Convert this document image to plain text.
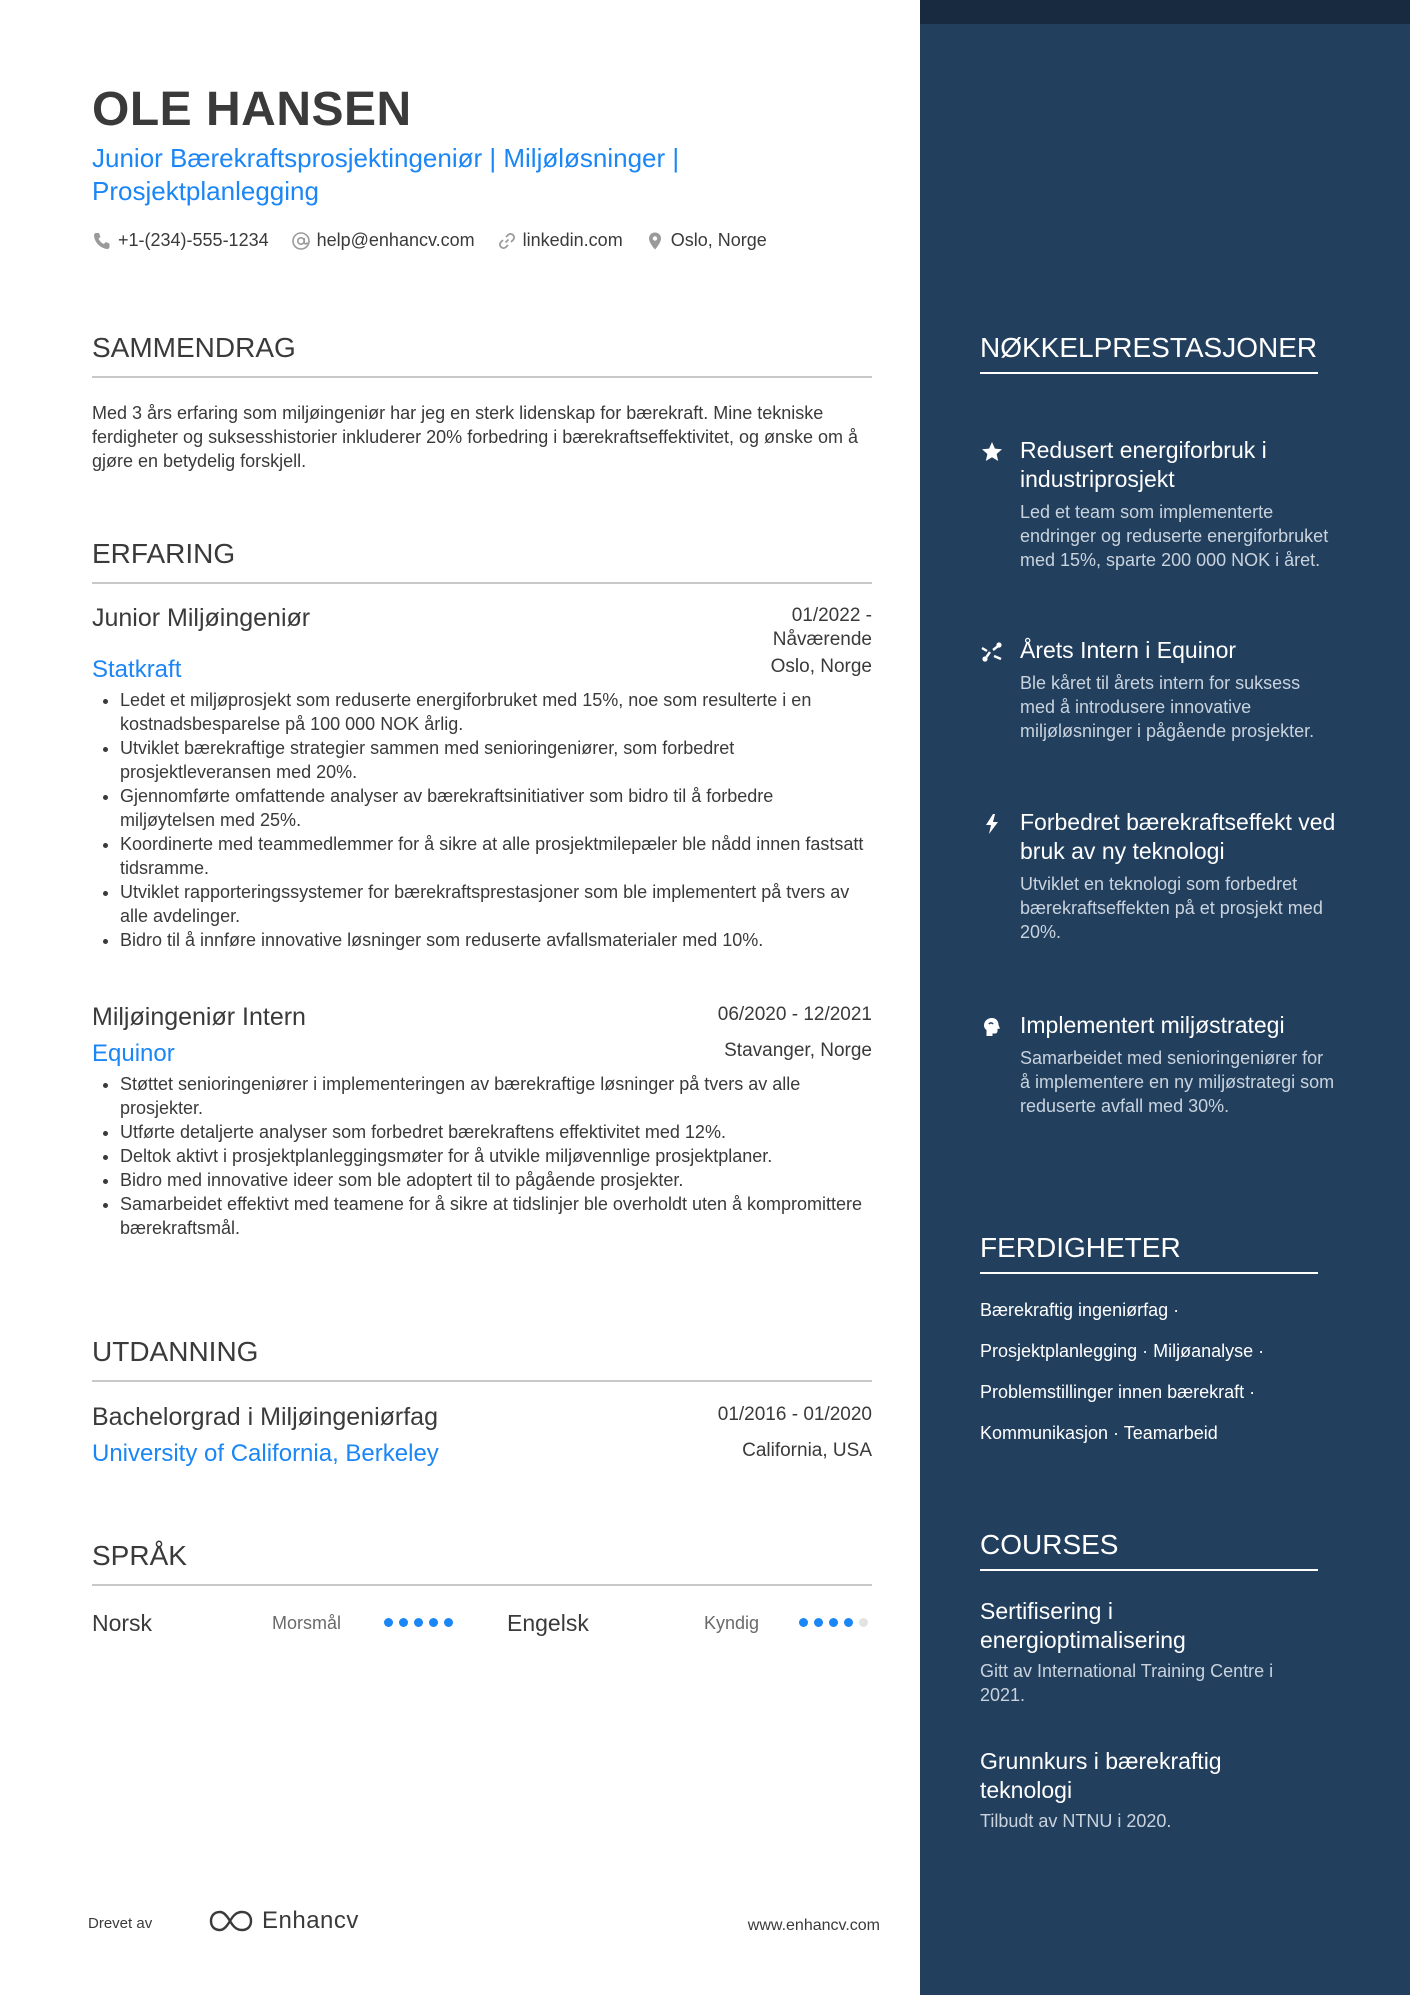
OLE HANSEN
Junior Bærekraftsprosjektingeniør | Miljøløsninger | Prosjektplanlegging
+1-(234)-555-1234	help@enhancv.com	linkedin.com	Oslo, Norge
SAMMENDRAG
Med 3 års erfaring som miljøingeniør har jeg en sterk lidenskap for bærekraft. Mine tekniske ferdigheter og suksesshistorier inkluderer 20% forbedring i bærekraftseffektivitet, og ønske om å gjøre en betydelig forskjell.
ERFARING
Junior Miljøingeniør	01/2022 -
Nåværende
Statkraft	Oslo, Norge
• Ledet et miljøprosjekt som reduserte energiforbruket med 15%, noe som resulterte i en kostnadsbesparelse på 100 000 NOK årlig.
• Utviklet bærekraftige strategier sammen med senioringeniører, som forbedret prosjektleveransen med 20%.
• Gjennomførte omfattende analyser av bærekraftsinitiativer som bidro til å forbedre miljøytelsen med 25%.
• Koordinerte med teammedlemmer for å sikre at alle prosjektmilepæler ble nådd innen fastsatt tidsramme.
• Utviklet rapporteringssystemer for bærekraftsprestasjoner som ble implementert på tvers av alle avdelinger.
• Bidro til å innføre innovative løsninger som reduserte avfallsmaterialer med 10%.
Miljøingeniør Intern	06/2020 - 12/2021
Equinor	Stavanger, Norge
• Støttet senioringeniører i implementeringen av bærekraftige løsninger på tvers av alle prosjekter.
• Utførte detaljerte analyser som forbedret bærekraftens effektivitet med 12%.
• Deltok aktivt i prosjektplanleggingsmøter for å utvikle miljøvennlige prosjektplaner.
• Bidro med innovative ideer som ble adoptert til to pågående prosjekter.
• Samarbeidet effektivt med teamene for å sikre at tidslinjer ble overholdt uten å kompromittere bærekraftsmål.
UTDANNING
Bachelorgrad i Miljøingeniørfag	01/2016 - 01/2020
University of California, Berkeley	California, USA
SPRÅK
Norsk	Morsmål	Engelsk	Kyndig
Drevet av	Enhancv	www.enhancv.com
NØKKELPRESTASJONER
Redusert energiforbruk i industriprosjekt
Led et team som implementerte endringer og reduserte energiforbruket med 15%, sparte 200 000 NOK i året.
Årets Intern i Equinor
Ble kåret til årets intern for suksess med å introdusere innovative miljøløsninger i pågående prosjekter.
Forbedret bærekraftseffekt ved bruk av ny teknologi
Utviklet en teknologi som forbedret bærekraftseffekten på et prosjekt med 20%.
Implementert miljøstrategi
Samarbeidet med senioringeniører for å implementere en ny miljøstrategi som reduserte avfall med 30%.
FERDIGHETER
Bærekraftig ingeniørfag ·
Prosjektplanlegging · Miljøanalyse ·
Problemstillinger innen bærekraft ·
Kommunikasjon · Teamarbeid
COURSES
Sertifisering i energioptimalisering
Gitt av International Training Centre i 2021.
Grunnkurs i bærekraftig teknologi
Tilbudt av NTNU i 2020.
